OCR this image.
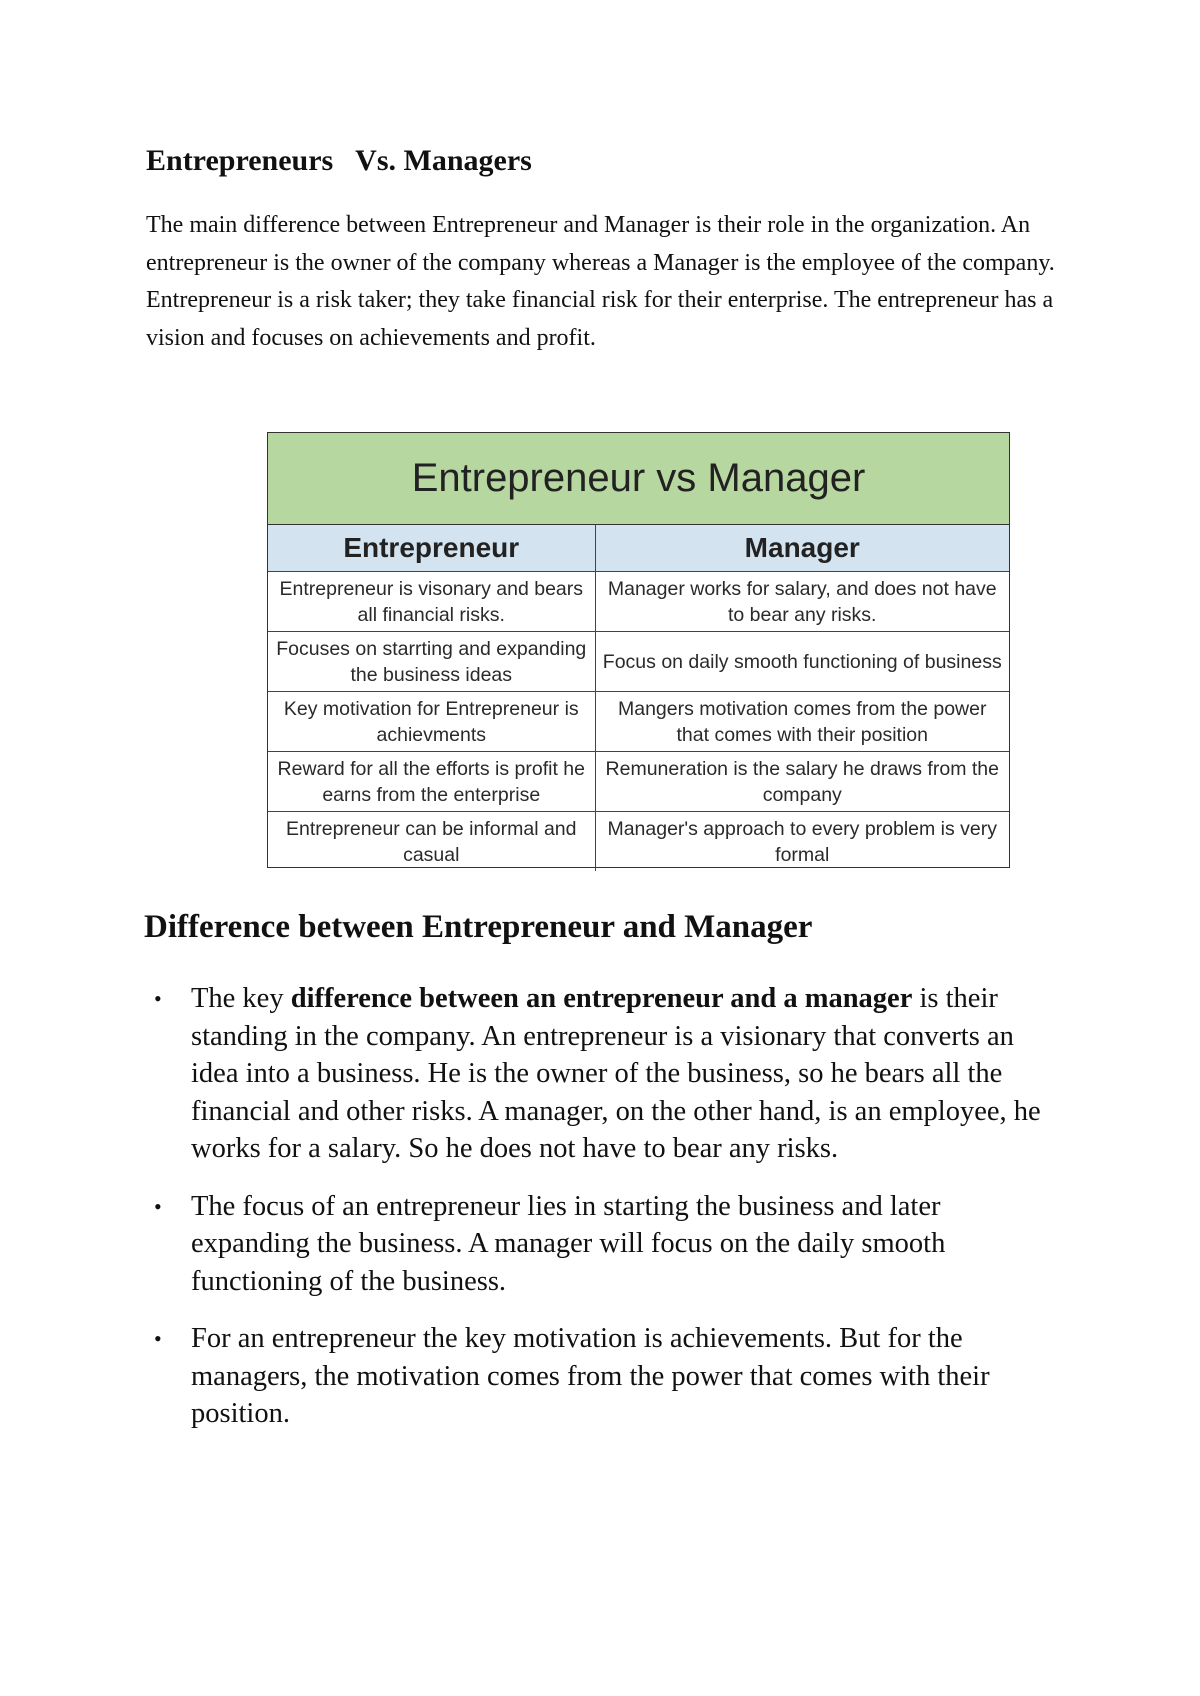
Entrepreneurs   Vs. Managers

The main difference between Entrepreneur and Manager is their role in the organization. An entrepreneur is the owner of the company whereas a Manager is the employee of the company. Entrepreneur is a risk taker; they take financial risk for their enterprise. The entrepreneur has a vision and focuses on achievements and profit.

Entrepreneur vs Manager
Entrepreneur	Manager
Entrepreneur is visonary and bears all financial risks.	Manager works for salary, and does not have to bear any risks.
Focuses on starrting and expanding the business ideas	Focus on daily smooth functioning of business
Key motivation for Entrepreneur is achievments	Mangers motivation comes from the power that comes with their position
Reward for all the efforts is profit he earns from the enterprise	Remuneration is the salary he draws from the company
Entrepreneur can be informal and casual	Manager's approach to every problem is very formal
Difference between Entrepreneur and Manager
• The key difference between an entrepreneur and a manager is their standing in the company. An entrepreneur is a visionary that converts an idea into a business. He is the owner of the business, so he bears all the financial and other risks. A manager, on the other hand, is an employee, he works for a salary. So he does not have to bear any risks.
• The focus of an entrepreneur lies in starting the business and later expanding the business. A manager will focus on the daily smooth functioning of the business.
• For an entrepreneur the key motivation is achievements. But for the managers, the motivation comes from the power that comes with their position.
